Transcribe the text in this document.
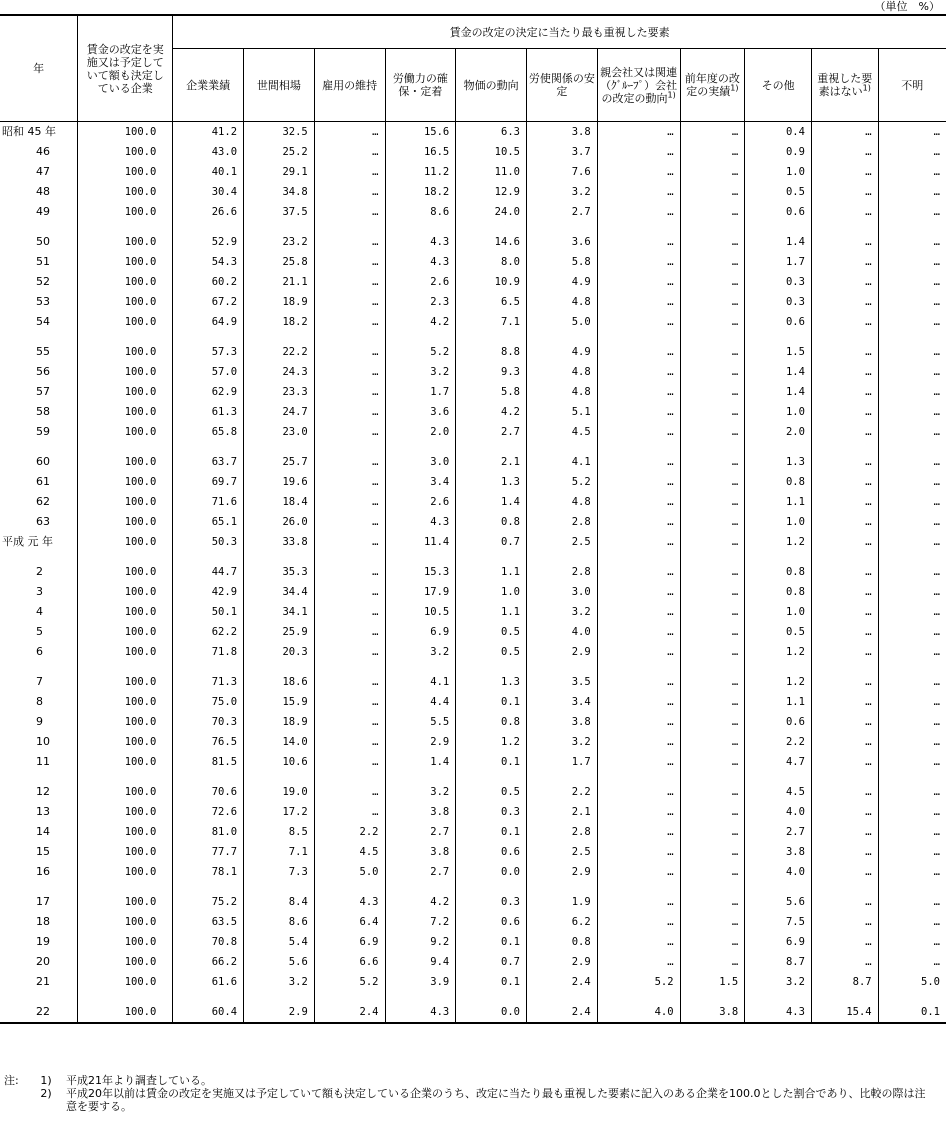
（単位　%）
年	賃金の改定を実施又は予定していて額も決定している企業	賃金の改定の決定に当たり最も重視した要素										
		企業業績	世間相場	雇用の維持	労働力の確保・定着	物価の動向	労使関係の安定	親会社又は関連（ｸﾞﾙｰﾌﾟ）会社の改定の動向$^{1)}$	前年度の改定の実績$^{1)}$	その他	重視した要素はない$^{1)}$	不明
昭和 45 年	100.0	41.2	32.5	…	15.6	6.3	3.8	…	…	0.4	…	…
46	100.0	43.0	25.2	…	16.5	10.5	3.7	…	…	0.9	…	…
47	100.0	40.1	29.1	…	11.2	11.0	7.6	…	…	1.0	…	…
48	100.0	30.4	34.8	…	18.2	12.9	3.2	…	…	0.5	…	…
49	100.0	26.6	37.5	…	8.6	24.0	2.7	…	…	0.6	…	…

50	100.0	52.9	23.2	…	4.3	14.6	3.6	…	…	1.4	…	…
51	100.0	54.3	25.8	…	4.3	8.0	5.8	…	…	1.7	…	…
52	100.0	60.2	21.1	…	2.6	10.9	4.9	…	…	0.3	…	…
53	100.0	67.2	18.9	…	2.3	6.5	4.8	…	…	0.3	…	…
54	100.0	64.9	18.2	…	4.2	7.1	5.0	…	…	0.6	…	…

55	100.0	57.3	22.2	…	5.2	8.8	4.9	…	…	1.5	…	…
56	100.0	57.0	24.3	…	3.2	9.3	4.8	…	…	1.4	…	…
57	100.0	62.9	23.3	…	1.7	5.8	4.8	…	…	1.4	…	…
58	100.0	61.3	24.7	…	3.6	4.2	5.1	…	…	1.0	…	…
59	100.0	65.8	23.0	…	2.0	2.7	4.5	…	…	2.0	…	…

60	100.0	63.7	25.7	…	3.0	2.1	4.1	…	…	1.3	…	…
61	100.0	69.7	19.6	…	3.4	1.3	5.2	…	…	0.8	…	…
62	100.0	71.6	18.4	…	2.6	1.4	4.8	…	…	1.1	…	…
63	100.0	65.1	26.0	…	4.3	0.8	2.8	…	…	1.0	…	…
平成 元 年	100.0	50.3	33.8	…	11.4	0.7	2.5	…	…	1.2	…	…

2	100.0	44.7	35.3	…	15.3	1.1	2.8	…	…	0.8	…	…
3	100.0	42.9	34.4	…	17.9	1.0	3.0	…	…	0.8	…	…
4	100.0	50.1	34.1	…	10.5	1.1	3.2	…	…	1.0	…	…
5	100.0	62.2	25.9	…	6.9	0.5	4.0	…	…	0.5	…	…
6	100.0	71.8	20.3	…	3.2	0.5	2.9	…	…	1.2	…	…

7	100.0	71.3	18.6	…	4.1	1.3	3.5	…	…	1.2	…	…
8	100.0	75.0	15.9	…	4.4	0.1	3.4	…	…	1.1	…	…
9	100.0	70.3	18.9	…	5.5	0.8	3.8	…	…	0.6	…	…
10	100.0	76.5	14.0	…	2.9	1.2	3.2	…	…	2.2	…	…
11	100.0	81.5	10.6	…	1.4	0.1	1.7	…	…	4.7	…	…

12	100.0	70.6	19.0	…	3.2	0.5	2.2	…	…	4.5	…	…
13	100.0	72.6	17.2	…	3.8	0.3	2.1	…	…	4.0	…	…
14	100.0	81.0	8.5	2.2	2.7	0.1	2.8	…	…	2.7	…	…
15	100.0	77.7	7.1	4.5	3.8	0.6	2.5	…	…	3.8	…	…
16	100.0	78.1	7.3	5.0	2.7	0.0	2.9	…	…	4.0	…	…

17	100.0	75.2	8.4	4.3	4.2	0.3	1.9	…	…	5.6	…	…
18	100.0	63.5	8.6	6.4	7.2	0.6	6.2	…	…	7.5	…	…
19	100.0	70.8	5.4	6.9	9.2	0.1	0.8	…	…	6.9	…	…
20	100.0	66.2	5.6	6.6	9.4	0.7	2.9	…	…	8.7	…	…
21	100.0	61.6	3.2	5.2	3.9	0.1	2.4	5.2	1.5	3.2	8.7	5.0

22	100.0	60.4	2.9	2.4	4.3	0.0	2.4	4.0	3.8	4.3	15.4	0.1
注: 1) 平成21年より調査している。
2) 平成20年以前は賃金の改定を実施又は予定していて額も決定している企業のうち、改定に当たり最も重視した要素に記入のある企業を100.0とした割合であり、比較の際は注意を要する。
